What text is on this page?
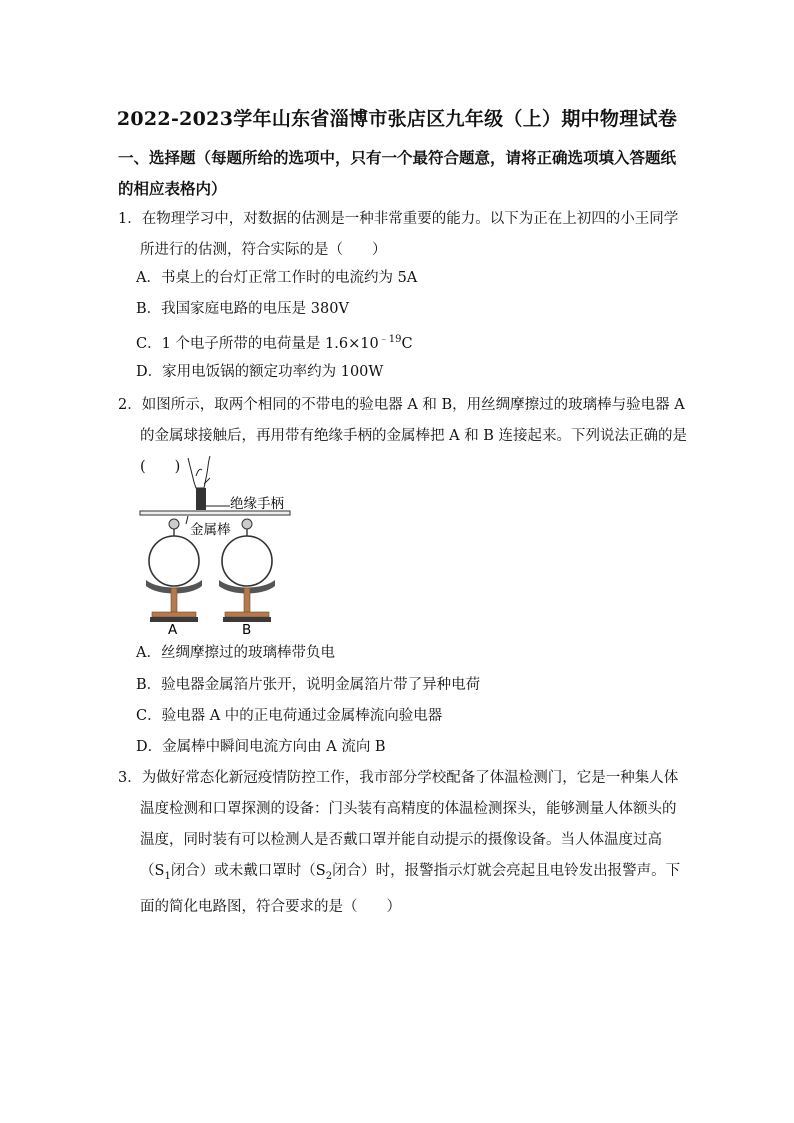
2022-2023学年山东省淄博市张店区九年级（上）期中物理试卷
一、选择题（每题所给的选项中，只有一个最符合题意，请将正确选项填入答题纸的相应表格内）
1．在物理学习中，对数据的估测是一种非常重要的能力。以下为正在上初四的小王同学所进行的估测，符合实际的是（　　）
A．书桌上的台灯正常工作时的电流约为 5A
B．我国家庭电路的电压是 380V
C．1 个电子所带的电荷量是 $1.6\times 10^{﹣19}C$
D．家用电饭锅的额定功率约为 100W
2．如图所示，取两个相同的不带电的验电器 A 和 B，用丝绸摩擦过的玻璃棒与验电器 A 的金属球接触后，再用带有绝缘手柄的金属棒把 A 和 B 连接起来。下列说法正确的是(　　)
绝缘手柄
金属棒
A	B
A．丝绸摩擦过的玻璃棒带负电
B．验电器金属箔片张开，说明金属箔片带了异种电荷
C．验电器 A 中的正电荷通过金属棒流向验电器
D．金属棒中瞬间电流方向由 A 流向 B
3．为做好常态化新冠疫情防控工作，我市部分学校配备了体温检测门，它是一种集人体温度检测和口罩探测的设备：门头装有高精度的体温检测探头，能够测量人体额头的温度，同时装有可以检测人是否戴口罩并能自动提示的摄像设备。当人体温度过高（$S_1$闭合）或未戴口罩时（$S_2$闭合）时，报警指示灯就会亮起且电铃发出报警声。下面的简化电路图，符合要求的是（　　）
